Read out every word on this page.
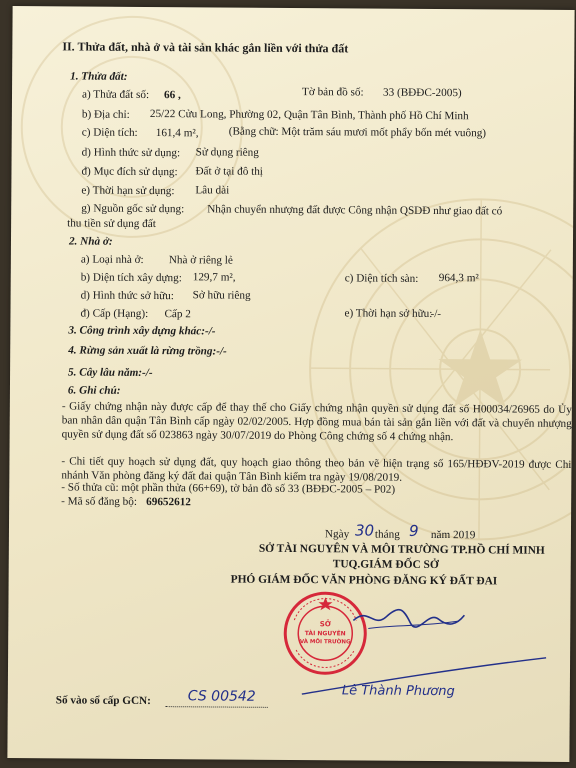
II. Thửa đất, nhà ở và tài sản khác gắn liền với thửa đất
1. Thửa đất:
a) Thửa đất số: 66 ,	Tờ bản đồ số: 33 (BĐĐC-2005)
b) Địa chỉ: 25/22 Cửu Long, Phường 02, Quận Tân Bình, Thành phố Hồ Chí Minh
c) Diện tích: 161,4 m²,	(Bằng chữ: Một trăm sáu mươi mốt phẩy bốn mét vuông)
d) Hình thức sử dụng: Sử dụng riêng
đ) Mục đích sử dụng: Đất ở tại đô thị
e) Thời hạn sử dụng: Lâu dài
g) Nguồn gốc sử dụng: Nhận chuyển nhượng đất được Công nhận QSDĐ như giao đất có
thu tiền sử dụng đất
2. Nhà ở:
a) Loại nhà ở: Nhà ở riêng lẻ
b) Diện tích xây dựng: 129,7 m²,	c) Diện tích sàn: 964,3 m²
d) Hình thức sở hữu: Sở hữu riêng
đ) Cấp (Hạng): Cấp 2	e) Thời hạn sở hữu:
-/-
3. Công trình xây dựng khác:-/-
4. Rừng sản xuất là rừng trồng:-/-
5. Cây lâu năm:-/-
6. Ghi chú:
- Giấy chứng nhận này được cấp để thay thế cho Giấy chứng nhận quyền sử dụng đất số H00034/26965 do Ủy ban nhân dân quận Tân Bình cấp ngày 02/02/2005. Hợp đồng mua bán tài sản gắn liền với đất và chuyển nhượng quyền sử dụng đất số 023863 ngày 30/07/2019 do Phòng Công chứng số 4 chứng nhận.
- Chi tiết quy hoạch sử dụng đất, quy hoạch giao thông theo bản vẽ hiện trạng số 165/HĐĐV-2019 được Chi nhánh Văn phòng đăng ký đất đai quận Tân Bình kiểm tra ngày 19/08/2019.
- Số thửa cũ: một phần thửa (66+69), tờ bản đồ số 33 (BĐĐC-2005 – P02)
- Mã số đăng bộ: 69652612
Ngày 30 tháng 9 năm 2019
SỞ TÀI NGUYÊN VÀ MÔI TRƯỜNG TP.HỒ CHÍ MINH
TUQ.GIÁM ĐỐC SỞ
PHÓ GIÁM ĐỐC VĂN PHÒNG ĐĂNG KÝ ĐẤT ĐAI
SỞ
TÀI NGUYÊN
VÀ MÔI TRƯỜNG
Lê Thành Phương
Số vào sổ cấp GCN:	CS 00542
